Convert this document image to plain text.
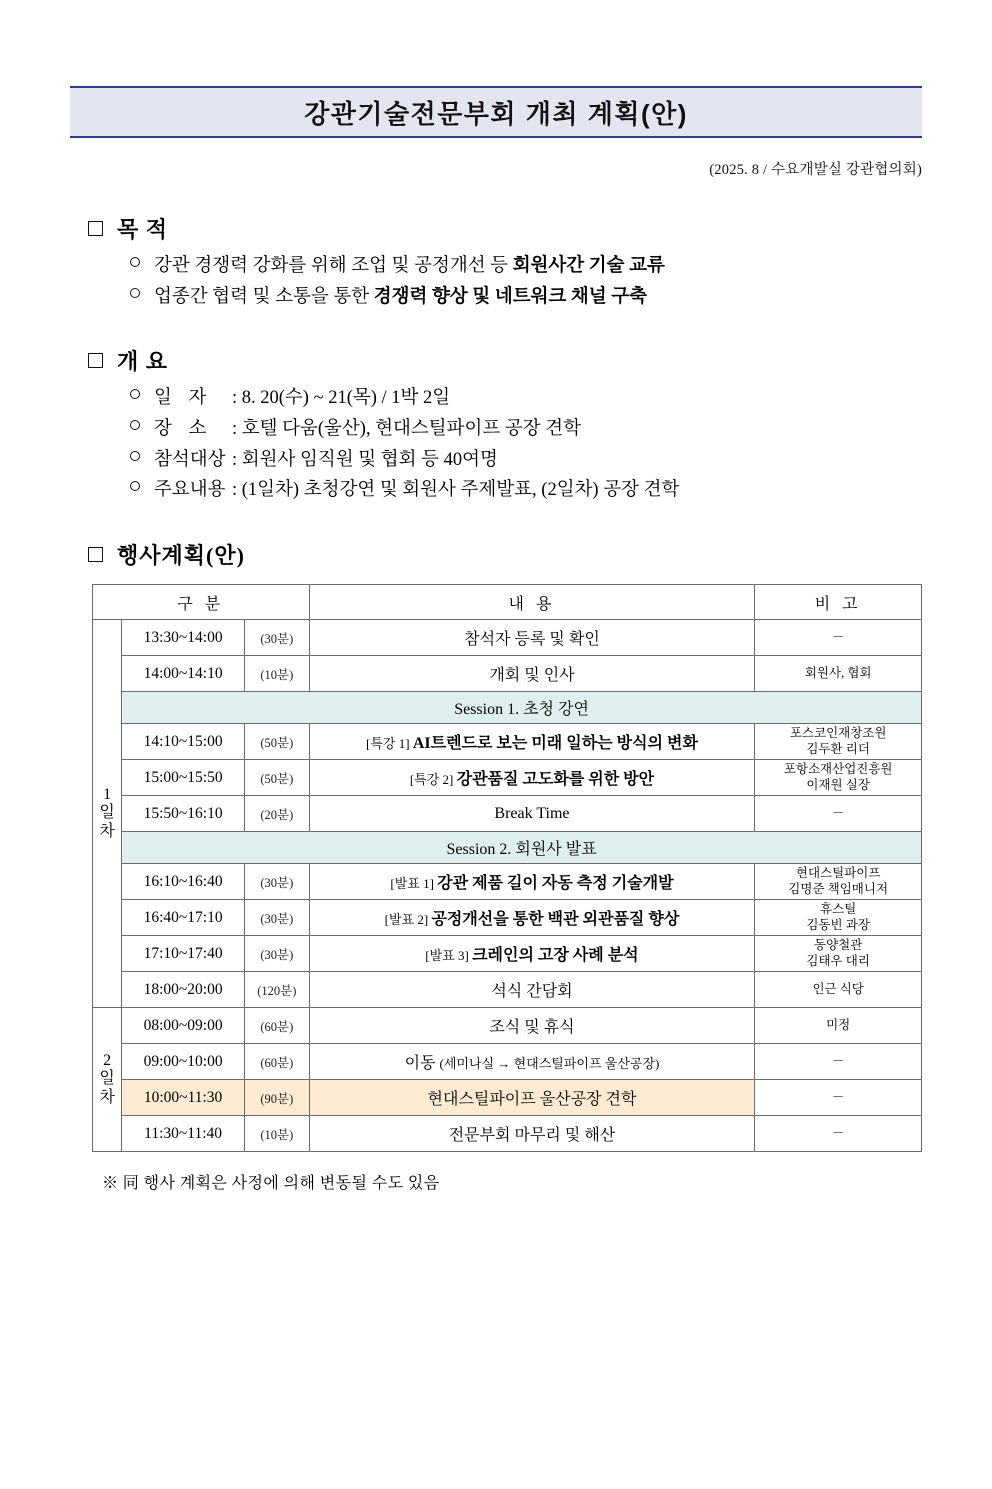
강관기술전문부회 개최 계획(안)
(2025. 8 / 수요개발실 강관협의회)
목 적
강관 경쟁력 강화를 위해 조업 및 공정개선 등 회원사간 기술 교류
업종간 협력 및 소통을 통한 경쟁력 향상 및 네트워크 채널 구축
개 요
일 자	: 8. 20(수) ~ 21(목) / 1박 2일
장 소	: 호텔 다움(울산), 현대스틸파이프 공장 견학
참석대상 : 회원사 임직원 및 협회 등 40여명
주요내용 : (1일차) 초청강연 및 회원사 주제발표, (2일차) 공장 견학
행사계획(안)
구 분			내 용	비 고

1
일
차	13:30~14:00	(30분)	참석자 등록 및 확인	－

	14:00~14:10	(10분)	개회 및 인사	회원사, 협회

	Session 1. 초청 강연			
	14:10~15:00	(50분)	[특강 1] AI트렌드로 보는 미래 일하는 방식의 변화	포스코인재창조원
김두환 리더

	15:00~15:50	(50분)	[특강 2] 강관품질 고도화를 위한 방안	포항소재산업진흥원
이재원 실장

	15:50~16:10	(20분)	Break Time	－

	Session 2. 회원사 발표			
	16:10~16:40	(30분)	[발표 1] 강관 제품 길이 자동 측정 기술개발	현대스틸파이프
김명준 책임매니저

	16:40~17:10	(30분)	[발표 2] 공정개선을 통한 백관 외관품질 향상	휴스틸
김동빈 과장

	17:10~17:40	(30분)	[발표 3] 크레인의 고장 사례 분석	동양철관
김태우 대리

	18:00~20:00	(120분)	석식 간담회	인근 식당

2
일
차	08:00~09:00	(60분)	조식 및 휴식	미정

	09:00~10:00	(60분)	이동 (세미나실 → 현대스틸파이프 울산공장)	－

	10:00~11:30	(90분)	현대스틸파이프 울산공장 견학	－

	11:30~11:40	(10분)	전문부회 마무리 및 해산	－
※ 同 행사 계획은 사정에 의해 변동될 수도 있음
